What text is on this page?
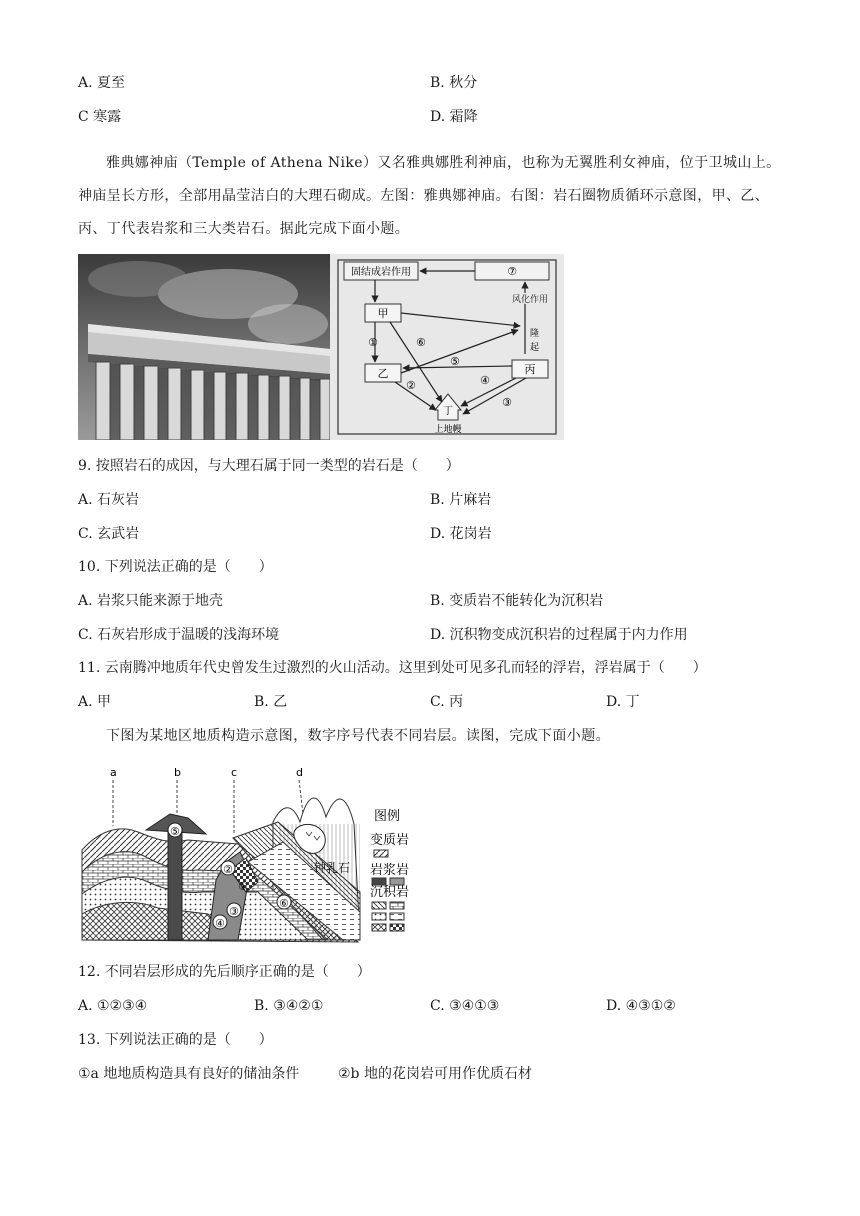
A. 夏至	B. 秋分
C 寒露	D. 霜降
雅典娜神庙（Temple of Athena Nike）又名雅典娜胜利神庙，也称为无翼胜利女神庙，位于卫城山上。神庙呈长方形，全部用晶莹洁白的大理石砌成。左图：雅典娜神庙。右图：岩石圈物质循环示意图，甲、乙、丙、丁代表岩浆和三大类岩石。据此完成下面小题。
固结成岩作用	⑦
甲
乙	丙
丁
上地幔
风化作用
隆
起
①	⑥
⑤
②	④
③
9. 按照岩石的成因，与大理石属于同一类型的岩石是（　　）
A. 石灰岩	B. 片麻岩
C. 玄武岩	D. 花岗岩
10. 下列说法正确的是（　　）
A. 岩浆只能来源于地壳	B. 变质岩不能转化为沉积岩
C. 石灰岩形成于温暖的浅海环境	D. 沉积物变成沉积岩的过程属于内力作用
11. 云南腾冲地质年代史曾发生过激烈的火山活动。这里到处可见多孔而轻的浮岩，浮岩属于（　　）
A. 甲	B. 乙	C. 丙	D. 丁
下图为某地区地质构造示意图，数字序号代表不同岩层。读图，完成下面小题。
a	b	c	d
⑤
钟乳石
②
①
③
④
⑥
图例
变质岩
岩浆岩
沉积岩
12. 不同岩层形成的先后顺序正确的是（　　）
A. ①②③④	B. ③④②①	C. ③④①③	D. ④③①②
13. 下列说法正确的是（　　）
①a 地地质构造具有良好的储油条件	②b 地的花岗岩可用作优质石材
